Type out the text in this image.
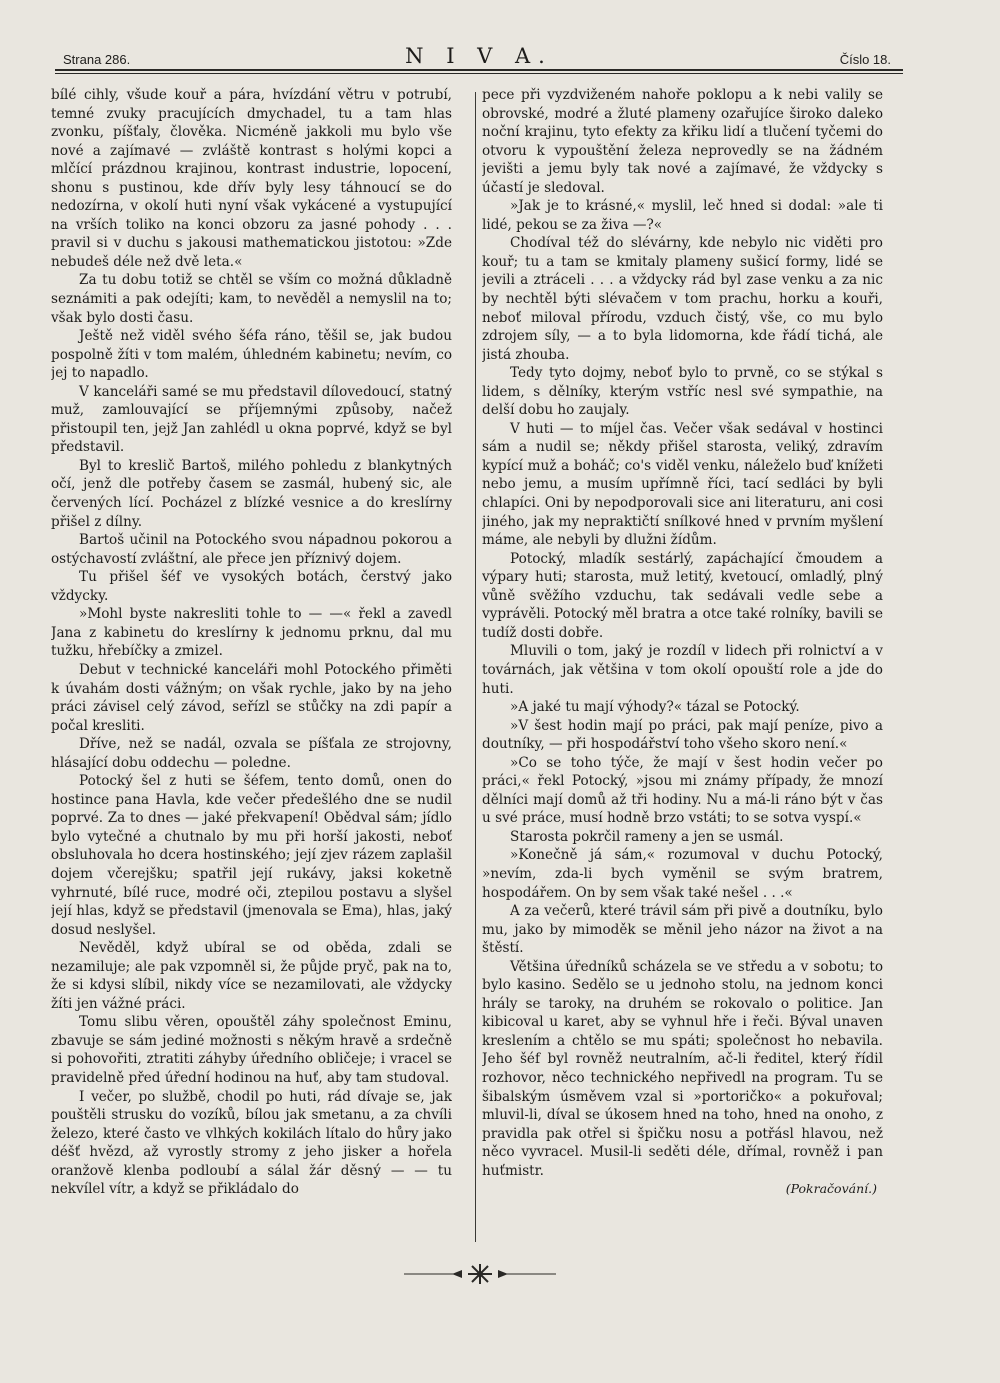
Strana 286.	N I V A.	Číslo 18.

bílé cihly, všude kouř a pára, hvízdání větru v potrubí, temné zvuky pracujících dmychadel, tu a tam hlas zvonku, píšťaly, člověka. Nicméně jakkoli mu bylo vše nové a zajímavé — zvláště kontrast s holými kopci a mlčící prázdnou krajinou, kontrast industrie, lopocení, shonu s pustinou, kde dřív byly lesy táhnoucí se do nedozírna, v okolí huti nyní však vykácené a vystupující na vrších toliko na konci obzoru za jasné pohody . . . pravil si v duchu s jakousi mathematickou jistotou: »Zde nebudeš déle než dvě leta.«

Za tu dobu totiž se chtěl se vším co možná důkladně seznámiti a pak odejíti; kam, to nevěděl a nemyslil na to; však bylo dosti času.

Ještě než viděl svého šéfa ráno, těšil se, jak budou pospolně žíti v tom malém, úhledném kabinetu; nevím, co jej to napadlo.

V kanceláři samé se mu představil dílovedoucí, statný muž, zamlouvající se příjemnými způsoby, načež přistoupil ten, jejž Jan zahlédl u okna poprvé, když se byl představil.

Byl to kreslič Bartoš, milého pohledu z blankytných očí, jenž dle potřeby časem se zasmál, hubený sic, ale červených lící. Pocházel z blízké vesnice a do kreslírny přišel z dílny.

Bartoš učinil na Potockého svou nápadnou pokorou a ostýchavostí zvláštní, ale přece jen příznivý dojem.

Tu přišel šéf ve vysokých botách, čerstvý jako vždycky.

»Mohl byste nakresliti tohle to — —« řekl a zavedl Jana z kabinetu do kreslírny k jednomu prknu, dal mu tužku, hřebíčky a zmizel.

Debut v technické kanceláři mohl Potockého přiměti k úvahám dosti vážným; on však rychle, jako by na jeho práci závisel celý závod, seřízl se stůčky na zdi papír a počal kresliti.

Dříve, než se nadál, ozvala se píšťala ze strojovny, hlásající dobu oddechu — poledne.

Potocký šel z huti se šéfem, tento domů, onen do hostince pana Havla, kde večer předešlého dne se nudil poprvé. Za to dnes — jaké překvapení! Obědval sám; jídlo bylo vytečné a chutnalo by mu při horší jakosti, neboť obsluhovala ho dcera hostinského; její zjev rázem zaplašil dojem včerejšku; spatřil její rukávy, jaksi koketně vyhrnuté, bílé ruce, modré oči, ztepilou postavu a slyšel její hlas, když se představil (jmenovala se Ema), hlas, jaký dosud neslyšel.

Nevěděl, když ubíral se od oběda, zdali se nezamiluje; ale pak vzpomněl si, že půjde pryč, pak na to, že si kdysi slíbil, nikdy více se nezamilovati, ale vždycky žíti jen vážné práci.

Tomu slibu věren, opouštěl záhy společnost Eminu, zbavuje se sám jediné možnosti s někým hravě a srdečně si pohovořiti, ztratiti záhyby úředního obličeje; i vracel se pravidelně před úřední hodinou na huť, aby tam studoval.

I večer, po službě, chodil po huti, rád dívaje se, jak pouštěli strusku do vozíků, bílou jak smetanu, a za chvíli železo, které často ve vlhkých kokilách lítalo do hůry jako déšť hvězd, až vyrostly stromy z jeho jisker a hořela oranžově klenba podloubí a sálal žár děsný — — tu nekvílel vítr, a když se přikládalo do

pece při vyzdviženém nahoře poklopu a k nebi valily se obrovské, modré a žluté plameny ozařujíce široko daleko noční krajinu, tyto efekty za křiku lidí a tlučení tyčemi do otvoru k vypouštění železa neprovedly se na žádném jevišti a jemu byly tak nové a zajímavé, že vždycky s účastí je sledoval.

»Jak je to krásné,« myslil, leč hned si dodal: »ale ti lidé, pekou se za živa —?«

Chodíval též do slévárny, kde nebylo nic viděti pro kouř; tu a tam se kmitaly plameny sušicí formy, lidé se jevili a ztráceli . . . a vždycky rád byl zase venku a za nic by nechtěl býti slévačem v tom prachu, horku a kouři, neboť miloval přírodu, vzduch čistý, vše, co mu bylo zdrojem síly, — a to byla lidomorna, kde řádí tichá, ale jistá zhouba.

Tedy tyto dojmy, neboť bylo to prvně, co se stýkal s lidem, s dělníky, kterým vstříc nesl své sympathie, na delší dobu ho zaujaly.

V huti — to míjel čas. Večer však sedával v hostinci sám a nudil se; někdy přišel starosta, veliký, zdravím kypící muž a boháč; co's viděl venku, náleželo buď knížeti nebo jemu, a musím upřímně říci, tací sedláci by byli chlapíci. Oni by nepodporovali sice ani literaturu, ani cosi jiného, jak my nepraktičtí snílkové hned v prvním myšlení máme, ale nebyli by dlužni žídům.

Potocký, mladík sestárlý, zapáchající čmoudem a výpary huti; starosta, muž letitý, kvetoucí, omladlý, plný vůně svěžího vzduchu, tak sedávali vedle sebe a vyprávěli. Potocký měl bratra a otce také rolníky, bavili se tudíž dosti dobře.

Mluvili o tom, jaký je rozdíl v lidech při rolnictví a v továrnách, jak většina v tom okolí opouští role a jde do huti.

»A jaké tu mají výhody?« tázal se Potocký.

»V šest hodin mají po práci, pak mají peníze, pivo a doutníky, — při hospodářství toho všeho skoro není.«

»Co se toho týče, že mají v šest hodin večer po práci,« řekl Potocký, »jsou mi známy případy, že mnozí dělníci mají domů až tři hodiny. Nu a má-li ráno být v čas u své práce, musí hodně brzo vstáti; to se sotva vyspí.«

Starosta pokrčil rameny a jen se usmál.

»Konečně já sám,« rozumoval v duchu Potocký, »nevím, zda-li bych vyměnil se svým bratrem, hospodářem. On by sem však také nešel . . .«

A za večerů, které trávil sám při pivě a doutníku, bylo mu, jako by mimoděk se měnil jeho názor na život a na štěstí.

Většina úředníků scházela se ve středu a v sobotu; to bylo kasino. Sedělo se u jednoho stolu, na jednom konci hrály se taroky, na druhém se rokovalo o politice. Jan kibicoval u karet, aby se vyhnul hře i řeči. Býval unaven kreslením a chtělo se mu spáti; společnost ho nebavila. Jeho šéf byl rovněž neutralním, ač-li ředitel, který řídil rozhovor, něco technického nepřivedl na program. Tu se šibalským úsměvem vzal si »portoričko« a pokuřoval; mluvil-li, díval se úkosem hned na toho, hned na onoho, z pravidla pak otřel si špičku nosu a potřásl hlavou, než něco vyvracel. Musil-li seděti déle, dřímal, rovněž i pan huťmistr.

(Pokračování.)
